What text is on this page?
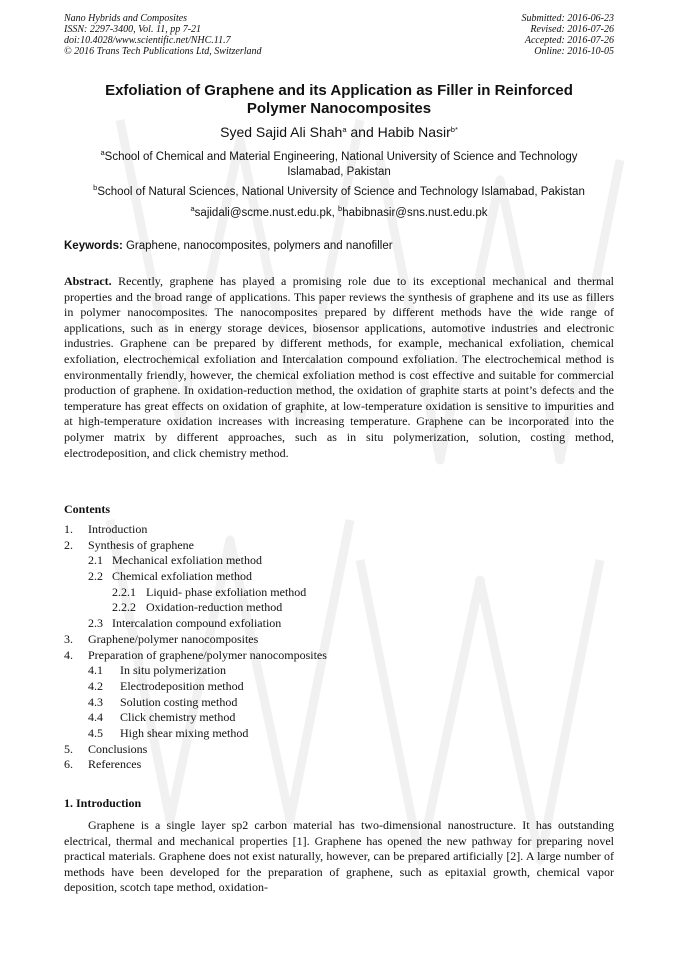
Nano Hybrids and Composites
ISSN: 2297-3400, Vol. 11, pp 7-21
doi:10.4028/www.scientific.net/NHC.11.7
© 2016 Trans Tech Publications Ltd, Switzerland
Submitted: 2016-06-23
Revised: 2016-07-26
Accepted: 2016-07-26
Online: 2016-10-05
Exfoliation of Graphene and its Application as Filler in Reinforced
Polymer Nanocomposites
Syed Sajid Ali Shah$^a$ and Habib Nasir$^{b*}$
$^a$School of Chemical and Material Engineering, National University of Science and Technology
Islamabad, Pakistan
$^b$School of Natural Sciences, National University of Science and Technology Islamabad, Pakistan
$^a$sajidali@scme.nust.edu.pk, $^b$habibnasir@sns.nust.edu.pk
Keywords: Graphene, nanocomposites, polymers and nanofiller
Abstract. Recently, graphene has played a promising role due to its exceptional mechanical and thermal properties and the broad range of applications. This paper reviews the synthesis of graphene and its use as fillers in polymer nanocomposites. The nanocomposites prepared by different methods have the wide range of applications, such as in energy storage devices, biosensor applications, automotive industries and electronic industries. Graphene can be prepared by different methods, for example, mechanical exfoliation, chemical exfoliation, electrochemical exfoliation and Intercalation compound exfoliation. The electrochemical method is environmentally friendly, however, the chemical exfoliation method is cost effective and suitable for commercial production of graphene. In oxidation-reduction method, the oxidation of graphite starts at point’s defects and the temperature has great effects on oxidation of graphite, at low-temperature oxidation is sensitive to impurities and at high-temperature oxidation increases with increasing temperature. Graphene can be incorporated into the polymer matrix by different approaches, such as in situ polymerization, solution, costing method, electrodeposition, and click chemistry method.
Contents
1. Introduction
2. Synthesis of graphene
2.1 Mechanical exfoliation method
2.2 Chemical exfoliation method
2.2.1 Liquid- phase exfoliation method
2.2.2 Oxidation-reduction method
2.3 Intercalation compound exfoliation
3. Graphene/polymer nanocomposites
4. Preparation of graphene/polymer nanocomposites
4.1 In situ polymerization
4.2 Electrodeposition method
4.3 Solution costing method
4.4 Click chemistry method
4.5 High shear mixing method
5. Conclusions
6. References
1. Introduction
Graphene is a single layer sp2 carbon material has two-dimensional nanostructure. It has outstanding electrical, thermal and mechanical properties [1]. Graphene has opened the new pathway for preparing novel practical materials. Graphene does not exist naturally, however, can be prepared artificially [2]. A large number of methods have been developed for the preparation of graphene, such as epitaxial growth, chemical vapor deposition, scotch tape method, oxidation-
